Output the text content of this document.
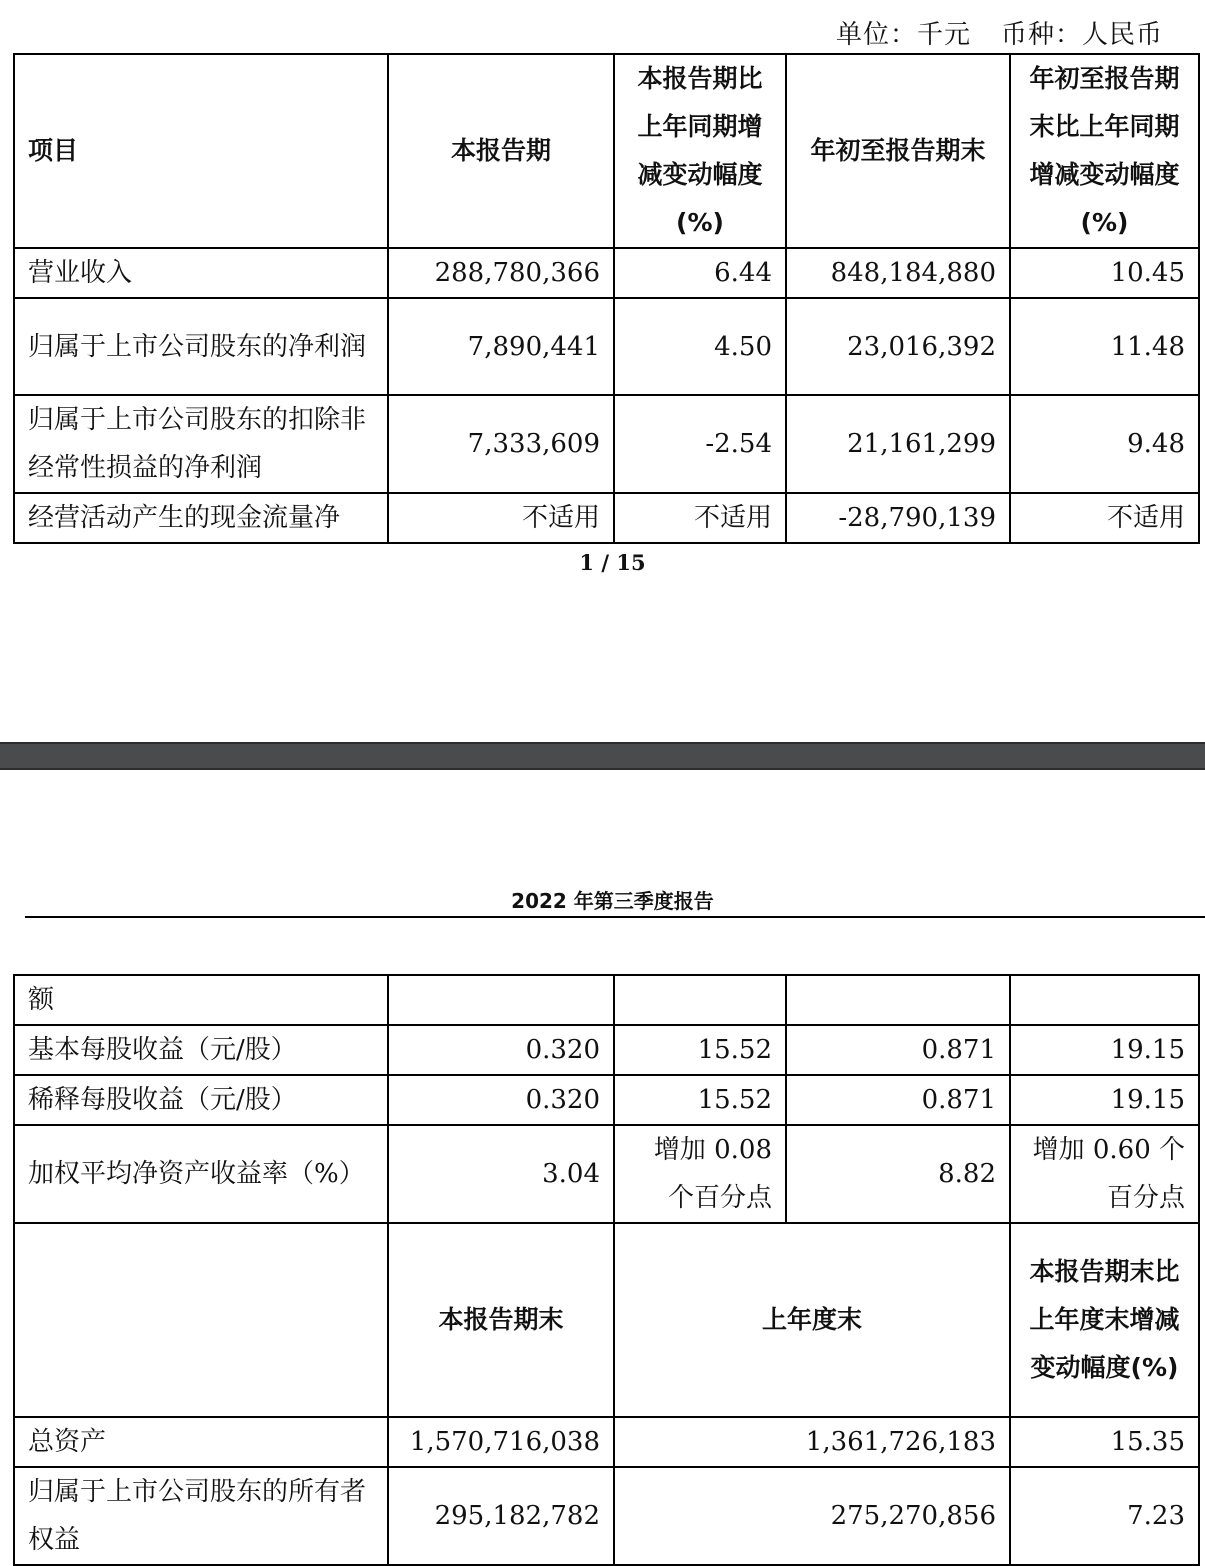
单位：千元 币种：人民币
项目	本报告期	本报告期比上年同期增减变动幅度(%)	年初至报告期末	年初至报告期末比上年同期增减变动幅度(%)
营业收入	288,780,366	6.44	848,184,880	10.45
归属于上市公司股东的净利润	7,890,441	4.50	23,016,392	11.48
归属于上市公司股东的扣除非经常性损益的净利润	7,333,609	-2.54	21,161,299	9.48
经营活动产生的现金流量净	不适用	不适用	-28,790,139	不适用
1 / 15
2022 年第三季度报告
额				
基本每股收益（元/股）	0.320	15.52	0.871	19.15
稀释每股收益（元/股）	0.320	15.52	0.871	19.15
加权平均净资产收益率（%）	3.04	增加 0.08 个百分点	8.82	增加 0.60 个百分点
	本报告期末	上年度末		本报告期末比上年度末增减变动幅度(%)
总资产	1,570,716,038	1,361,726,183		15.35
归属于上市公司股东的所有者权益	295,182,782	275,270,856		7.23
